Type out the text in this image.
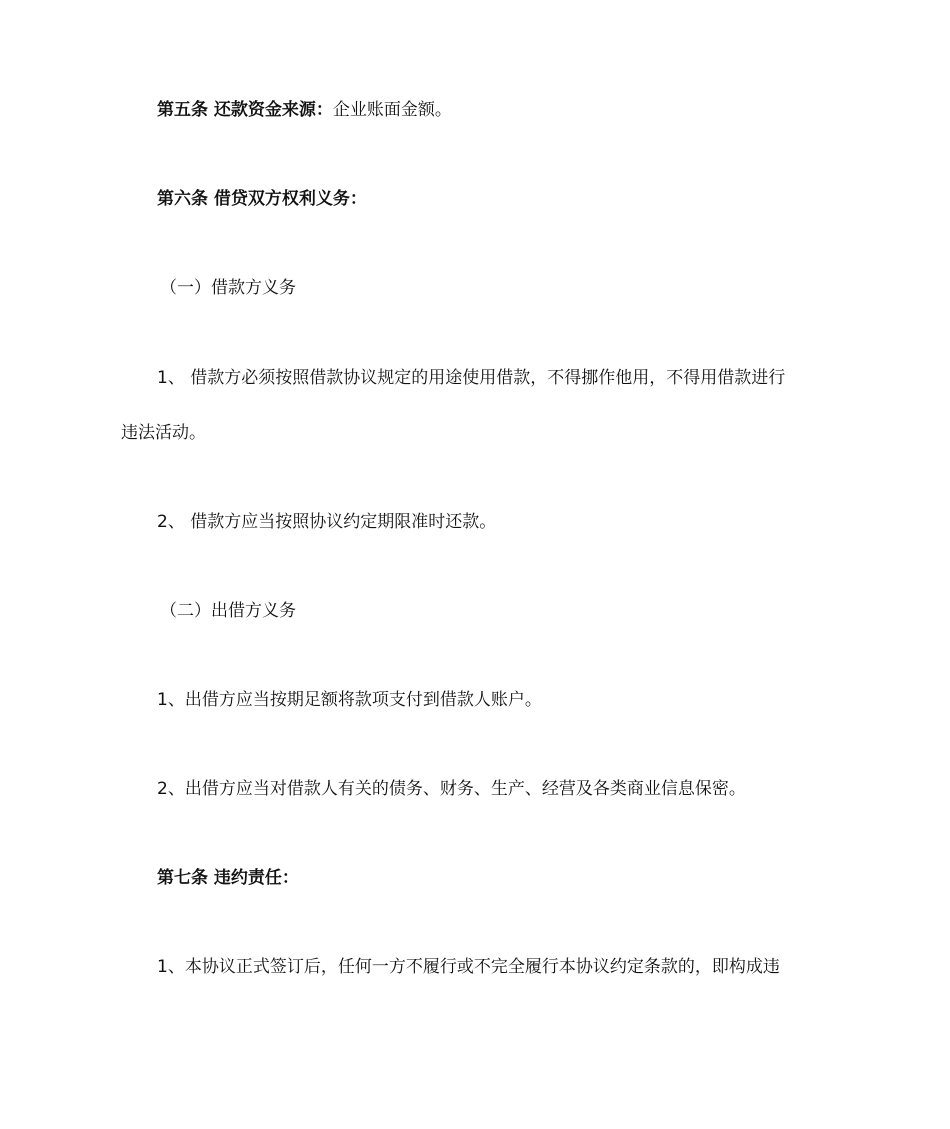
第五条 还款资金来源：企业账面金额。

第六条 借贷双方权利义务：

（一）借款方义务

1、 借款方必须按照借款协议规定的用途使用借款，不得挪作他用，不得用借款进行

违法活动。

2、 借款方应当按照协议约定期限准时还款。

（二）出借方义务

1、出借方应当按期足额将款项支付到借款人账户。

2、出借方应当对借款人有关的债务、财务、生产、经营及各类商业信息保密。

第七条 违约责任：

1、本协议正式签订后，任何一方不履行或不完全履行本协议约定条款的，即构成违
